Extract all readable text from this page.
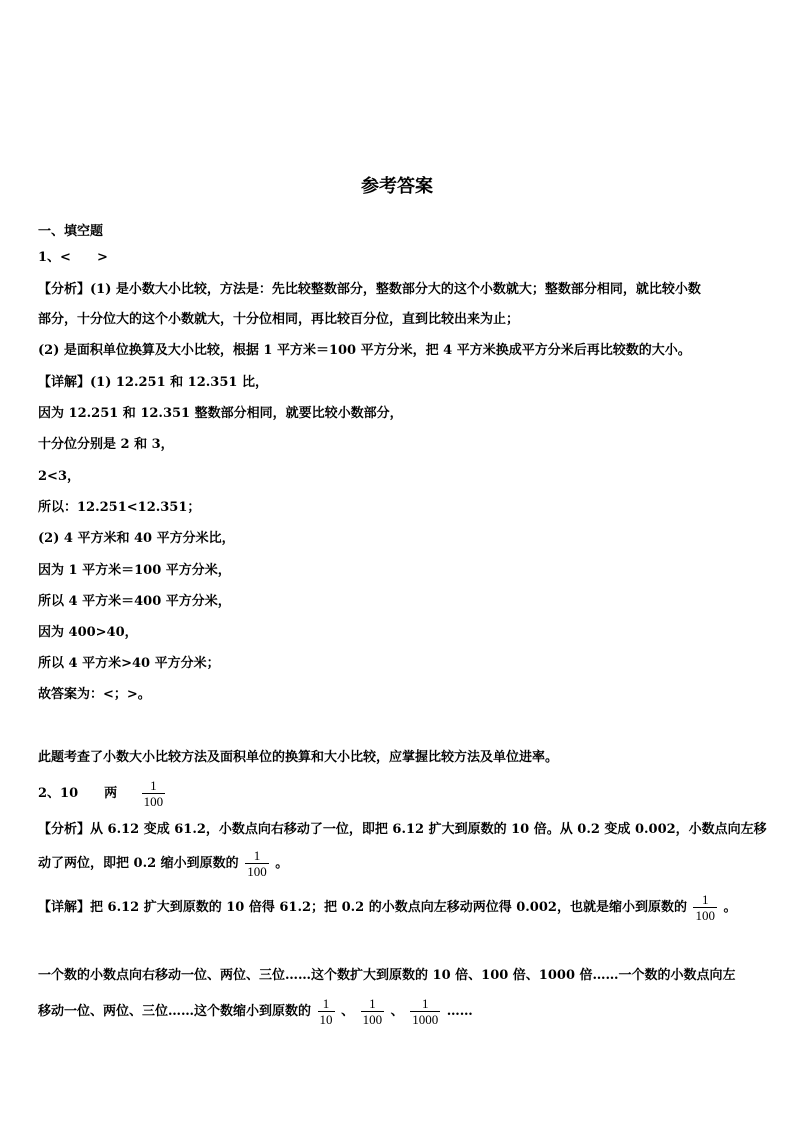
参考答案
一、填空题
1、<　　>
【分析】(1) 是小数大小比较，方法是：先比较整数部分，整数部分大的这个小数就大；整数部分相同，就比较小数
部分，十分位大的这个小数就大，十分位相同，再比较百分位，直到比较出来为止；
(2) 是面积单位换算及大小比较，根据 1 平方米＝100 平方分米，把 4 平方米换成平方分米后再比较数的大小。
【详解】(1) 12.251 和 12.351 比，
因为 12.251 和 12.351 整数部分相同，就要比较小数部分，
十分位分别是 2 和 3，
2<3，
所以：12.251<12.351；
(2) 4 平方米和 40 平方分米比，
因为 1 平方米＝100 平方分米，
所以 4 平方米＝400 平方分米，
因为 400>40，
所以 4 平方米>40 平方分米；
故答案为：<；>。
此题考查了小数大小比较方法及面积单位的换算和大小比较，应掌握比较方法及单位进率。
2、10　　两 $\frac{1}{100}$
【分析】从 6.12 变成 61.2，小数点向右移动了一位，即把 6.12 扩大到原数的 10 倍。从 0.2 变成 0.002，小数点向左移
动了两位，即把 0.2 缩小到原数的 $\frac{1}{100}$ 。
【详解】把 6.12 扩大到原数的 10 倍得 61.2；把 0.2 的小数点向左移动两位得 0.002，也就是缩小到原数的 $\frac{1}{100}$ 。
一个数的小数点向右移动一位、两位、三位……这个数扩大到原数的 10 倍、100 倍、1000 倍……一个数的小数点向左
移动一位、两位、三位……这个数缩小到原数的 $\frac{1}{10}$ 、 $\frac{1}{100}$ 、 $\frac{1}{1000}$ ……
